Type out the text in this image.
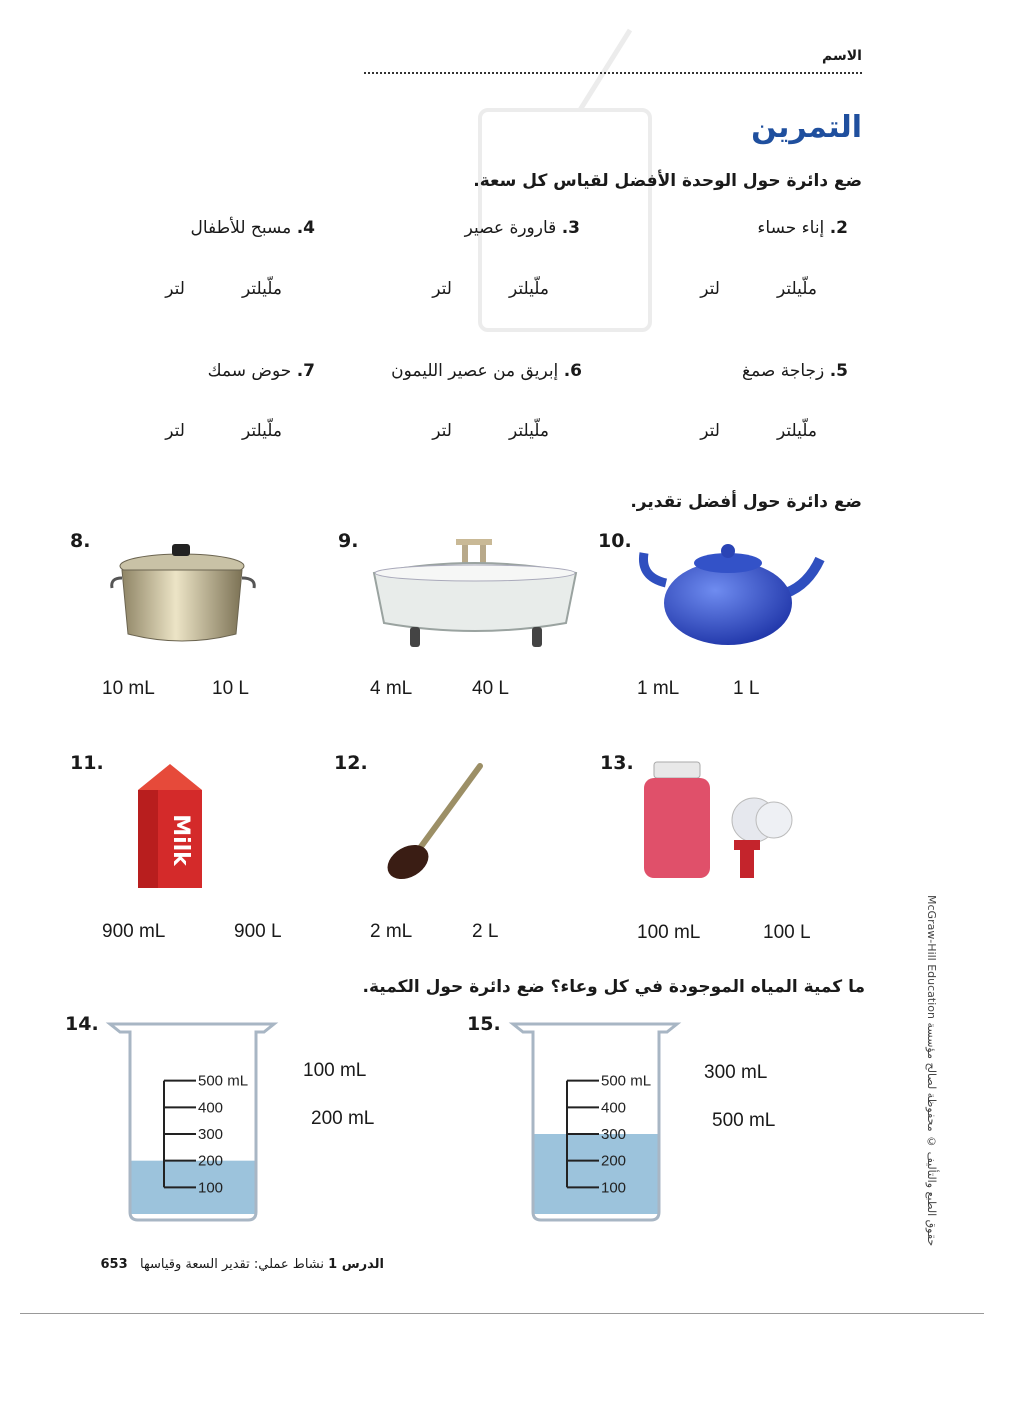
الاسم
التمرين
ضع دائرة حول الوحدة الأفضل لقياس كل سعة.
2. إناء حساء
3. قارورة عصير
4. مسبح للأطفال
ملّيلتر
لتر
ملّيلتر
لتر
ملّيلتر
لتر
5. زجاجة صمغ
6. إبريق من عصير الليمون
7. حوض سمك
ملّيلتر
لتر
ملّيلتر
لتر
ملّيلتر
لتر
ضع دائرة حول أفضل تقدير.
8.
10 mL	10 L
9.
4 mL	40 L
10.
1 mL	1 L
11.
Milk
900 mL	900 L
12.
2 mL	2 L
13.
100 mL	100 L
ما كمية المياه الموجودة في كل وعاء؟ ضع دائرة حول الكمية.
14.
500 mL
400
300
200
100
100 mL
200 mL
15.
500 mL
400
300
200
100
300 mL
500 mL
الدرس 1 نشاط عملي: تقدير السعة وقياسها   653
McGraw-Hill Education حقوق الطبع والتأليف © محفوظة لصالح مؤسسة
